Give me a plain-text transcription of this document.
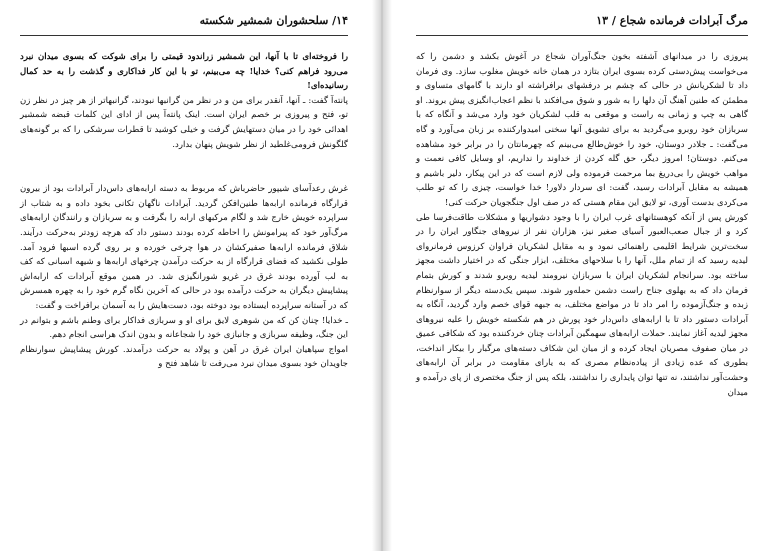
۱۴/ سلحشوران‌ شمشیر شکسته

را فروخته‌ای تا با آنها، این شمشیر زراندود قیمتی را برای شوکت که بسوی میدان نبرد می‌رود فراهم کنی؟ خدایا! چه می‌بینم، تو با این کار فداکاری و گذشت را به حد کمال رسانیده‌ای!

پانته‌آ گفت: ـ آنها، آنقدر برای من و در نظر من گرانبها نبودند، گرانبهاتر از هر چیز در نظر زن تو، فتح و پیروزی بر خصم ایران است. اینک پانته‌آ پس از ادای این کلمات قبضه شمشیر اهدائی خود را در میان دستهایش گرفت و خیلی کوشید تا قطرات سرشکی را که بر گونه‌های گلگونش فرومی‌غلطید از نظر شویش پنهان بدارد.

غرش رعدآسای شیپور حاضرباش که مربوط به دسته ارابه‌های داس‌دار آبرادات بود از بیرون قرارگاه فرمانده ارابه‌ها طنین‌افکن گردید. آبرادات ناگهان تکانی بخود داده و به شتاب از سراپرده خویش خارج شد و لگام مرکبهای ارابه را بگرفت و به سربازان و رانندگان ارابه‌های مرگ‌آور خود که پیرامونش را احاطه کرده بودند دستور داد که هرچه زودتر به‌حرکت درآیند. شلاق فرمانده ارابه‌ها صفیرکشان در هوا چرخی خورده و بر روی گرده اسبها فرود آمد. طولی نکشید که فضای قرارگاه از به حرکت درآمدن چرخهای ارابه‌ها و شیهه اسبانی که کف به لب آورده بودند غرق در غریو شورانگیزی شد. در همین موقع آبرادات که ارابه‌اش پیشاپیش دیگران به حرکت درآمده بود در حالی که آخرین نگاه گرم خود را به چهره همسرش که در آستانه سراپرده ایستاده بود دوخته بود، دست‌هایش را به آسمان برافراخت و گفت:

ـ خدایا! چنان کن که من شوهری لایق برای او و سربازی فداکار برای وطنم باشم و بتوانم در این جنگ، وظیفه سربازی و جانبازی خود را شجاعانه و بدون اندک هراسی انجام دهم.

امواج سپاهیان ایران غرق در آهن و پولاد به حرکت درآمدند. کورش پیشاپیش سوارنظام جاویدان خود بسوی میدان نبرد می‌رفت تا شاهد فتح و

مرگ‌ آبرادات فرمانده شجاع / ۱۳

پیروزی را در میدانهای آشفته بخون جنگ‌آوران شجاع در آغوش بکشد و دشمن را که می‌خواست پیش‌دستی کرده بسوی ایران بتازد در همان خانه خویش مغلوب سازد. وی فرمان داد تا لشکریانش در حالی که چشم بر درفشهای برافراشته او دارند با گامهای متساوی و مطمئن که طنین آهنگ آن دلها را به شور و شوق می‌افکند با نظم اعجاب‌انگیزی پیش بروند. او گاهی به چپ و زمانی به راست و موقعی به قلب لشکریان خود وارد می‌شد و آنگاه که با سربازان خود روبرو می‌گردید به برای تشویق آنها سخنی امیدوارکننده بر زبان می‌آورد و گاه می‌گفت: ـ جلادر دوستان، خود را خوش‌طالع می‌بینم که چهرمانتان را در برابر خود مشاهده می‌کنم. دوستان! امروز دیگر، حق گله کردن از خداوند را نداریم، او وسایل کافی نعمت و مواهب خویش را بی‌دریغ بما مرحمت فرموده ولی لازم است که در این پیکار، دلیر باشیم و همیشه به مقابل آبرادات رسید، گفت: ای سردار دلاور! خدا خواست، چیزی را که تو طلب می‌کردی بدست آوری، تو لایق این مقام هستی که در صف اول جنگجویان حرکت کنی!

کورش پس از آنکه کوهستانهای غرب ایران را با وجود دشواریها و مشکلات طاقت‌فرسا طی کرد و از جبال صعب‌العبور آسیای صغیر نیز، هزاران نفر از نیروهای جنگاور ایران را در سخت‌ترین شرایط اقلیمی راهنمائی نمود و به مقابل لشکریان فراوان کرزوس فرمانروای لیدیه رسید که از تمام ملل، آنها را با سلاحهای مختلف، ابزار جنگی که در اختیار داشت مجهز ساخته بود. سرانجام لشکریان ایران با سربازان نیرومند لیدیه روبرو شدند و کورش بتمام فرمان داد که به بهلوی جناح راست دشمن حمله‌ور شوند. سپس یک‌دسته دیگر از سوارنظام زبده و جنگ‌آزموده را امر داد تا در مواضع مختلف، به جبهه قوای خصم وارد گردید، آنگاه به آبرادات دستور داد تا با ارابه‌های داس‌دار خود پورش در هم شکسته خویش را علیه نیروهای مجهز لیدیه آغاز نمایند. حملات ارابه‌های سهمگین آبرادات چنان خردکننده بود که شکافی عمیق در میان صفوف مصریان ایجاد کرده و از میان این شکاف دسته‌های مرگبار را بیکار انداخت، بطوری که عده زیادی از پیاده‌نظام مصری که به یارای مقاومت در برابر آن ارابه‌های وحشت‌آور نداشتند، نه تنها توان پایداری را نداشتند، بلکه پس از جنگ مختصری از پای درآمده و میدان
